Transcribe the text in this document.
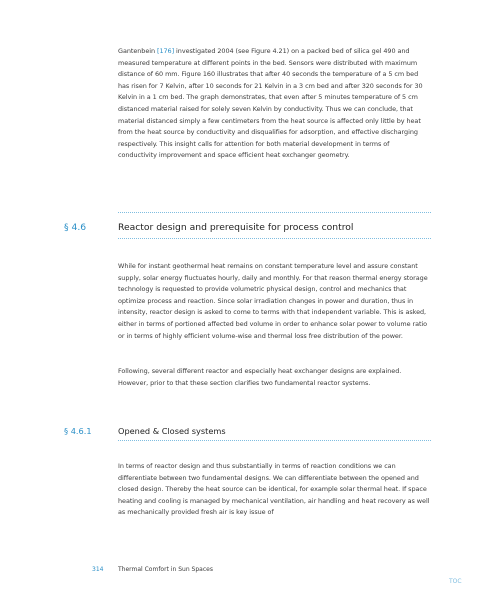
Gantenbein [176] investigated 2004 (see Figure 4.21) on a packed bed of silica gel 490 and measured temperature at different points in the bed. Sensors were distributed with maximum distance of 60 mm. Figure 160 illustrates that after 40 seconds the temperature of a 5 cm bed has risen for 7 Kelvin, after 10 seconds for 21 Kelvin in a 3 cm bed and after 320 seconds for 30 Kelvin in a 1 cm bed. The graph demonstrates, that even after 5 minutes temperature of 5 cm distanced material raised for solely seven Kelvin by conductivity. Thus we can conclude, that material distanced simply a few centimeters from the heat source is affected only little by heat from the heat source by conductivity and disqualifies for adsorption, and effective discharging respectively. This insight calls for attention for both material development in terms of conductivity improvement and space efficient heat exchanger geometry.

§ 4.6	Reactor design and prerequisite for process control

While for instant geothermal heat remains on constant temperature level and assure constant supply, solar energy fluctuates hourly, daily and monthly. For that reason thermal energy storage technology is requested to provide volumetric physical design, control and mechanics that optimize process and reaction. Since solar irradiation changes in power and duration, thus in intensity, reactor design is asked to come to terms with that independent variable. This is asked, either in terms of portioned affected bed volume in order to enhance solar power to volume ratio or in terms of highly efficient volume-wise and thermal loss free distribution of the power.

Following, several different reactor and especially heat exchanger designs are explained. However, prior to that these section clarifies two fundamental reactor systems.

§ 4.6.1	Opened & Closed systems

In terms of reactor design and thus substantially in terms of reaction conditions we can differentiate between two fundamental designs. We can differentiate between the opened and closed design. Thereby the heat source can be identical, for example solar thermal heat. If space heating and cooling is managed by mechanical ventilation, air handling and heat recovery as well as mechanically provided fresh air is key issue of

314 Thermal Comfort in Sun Spaces
TOC
